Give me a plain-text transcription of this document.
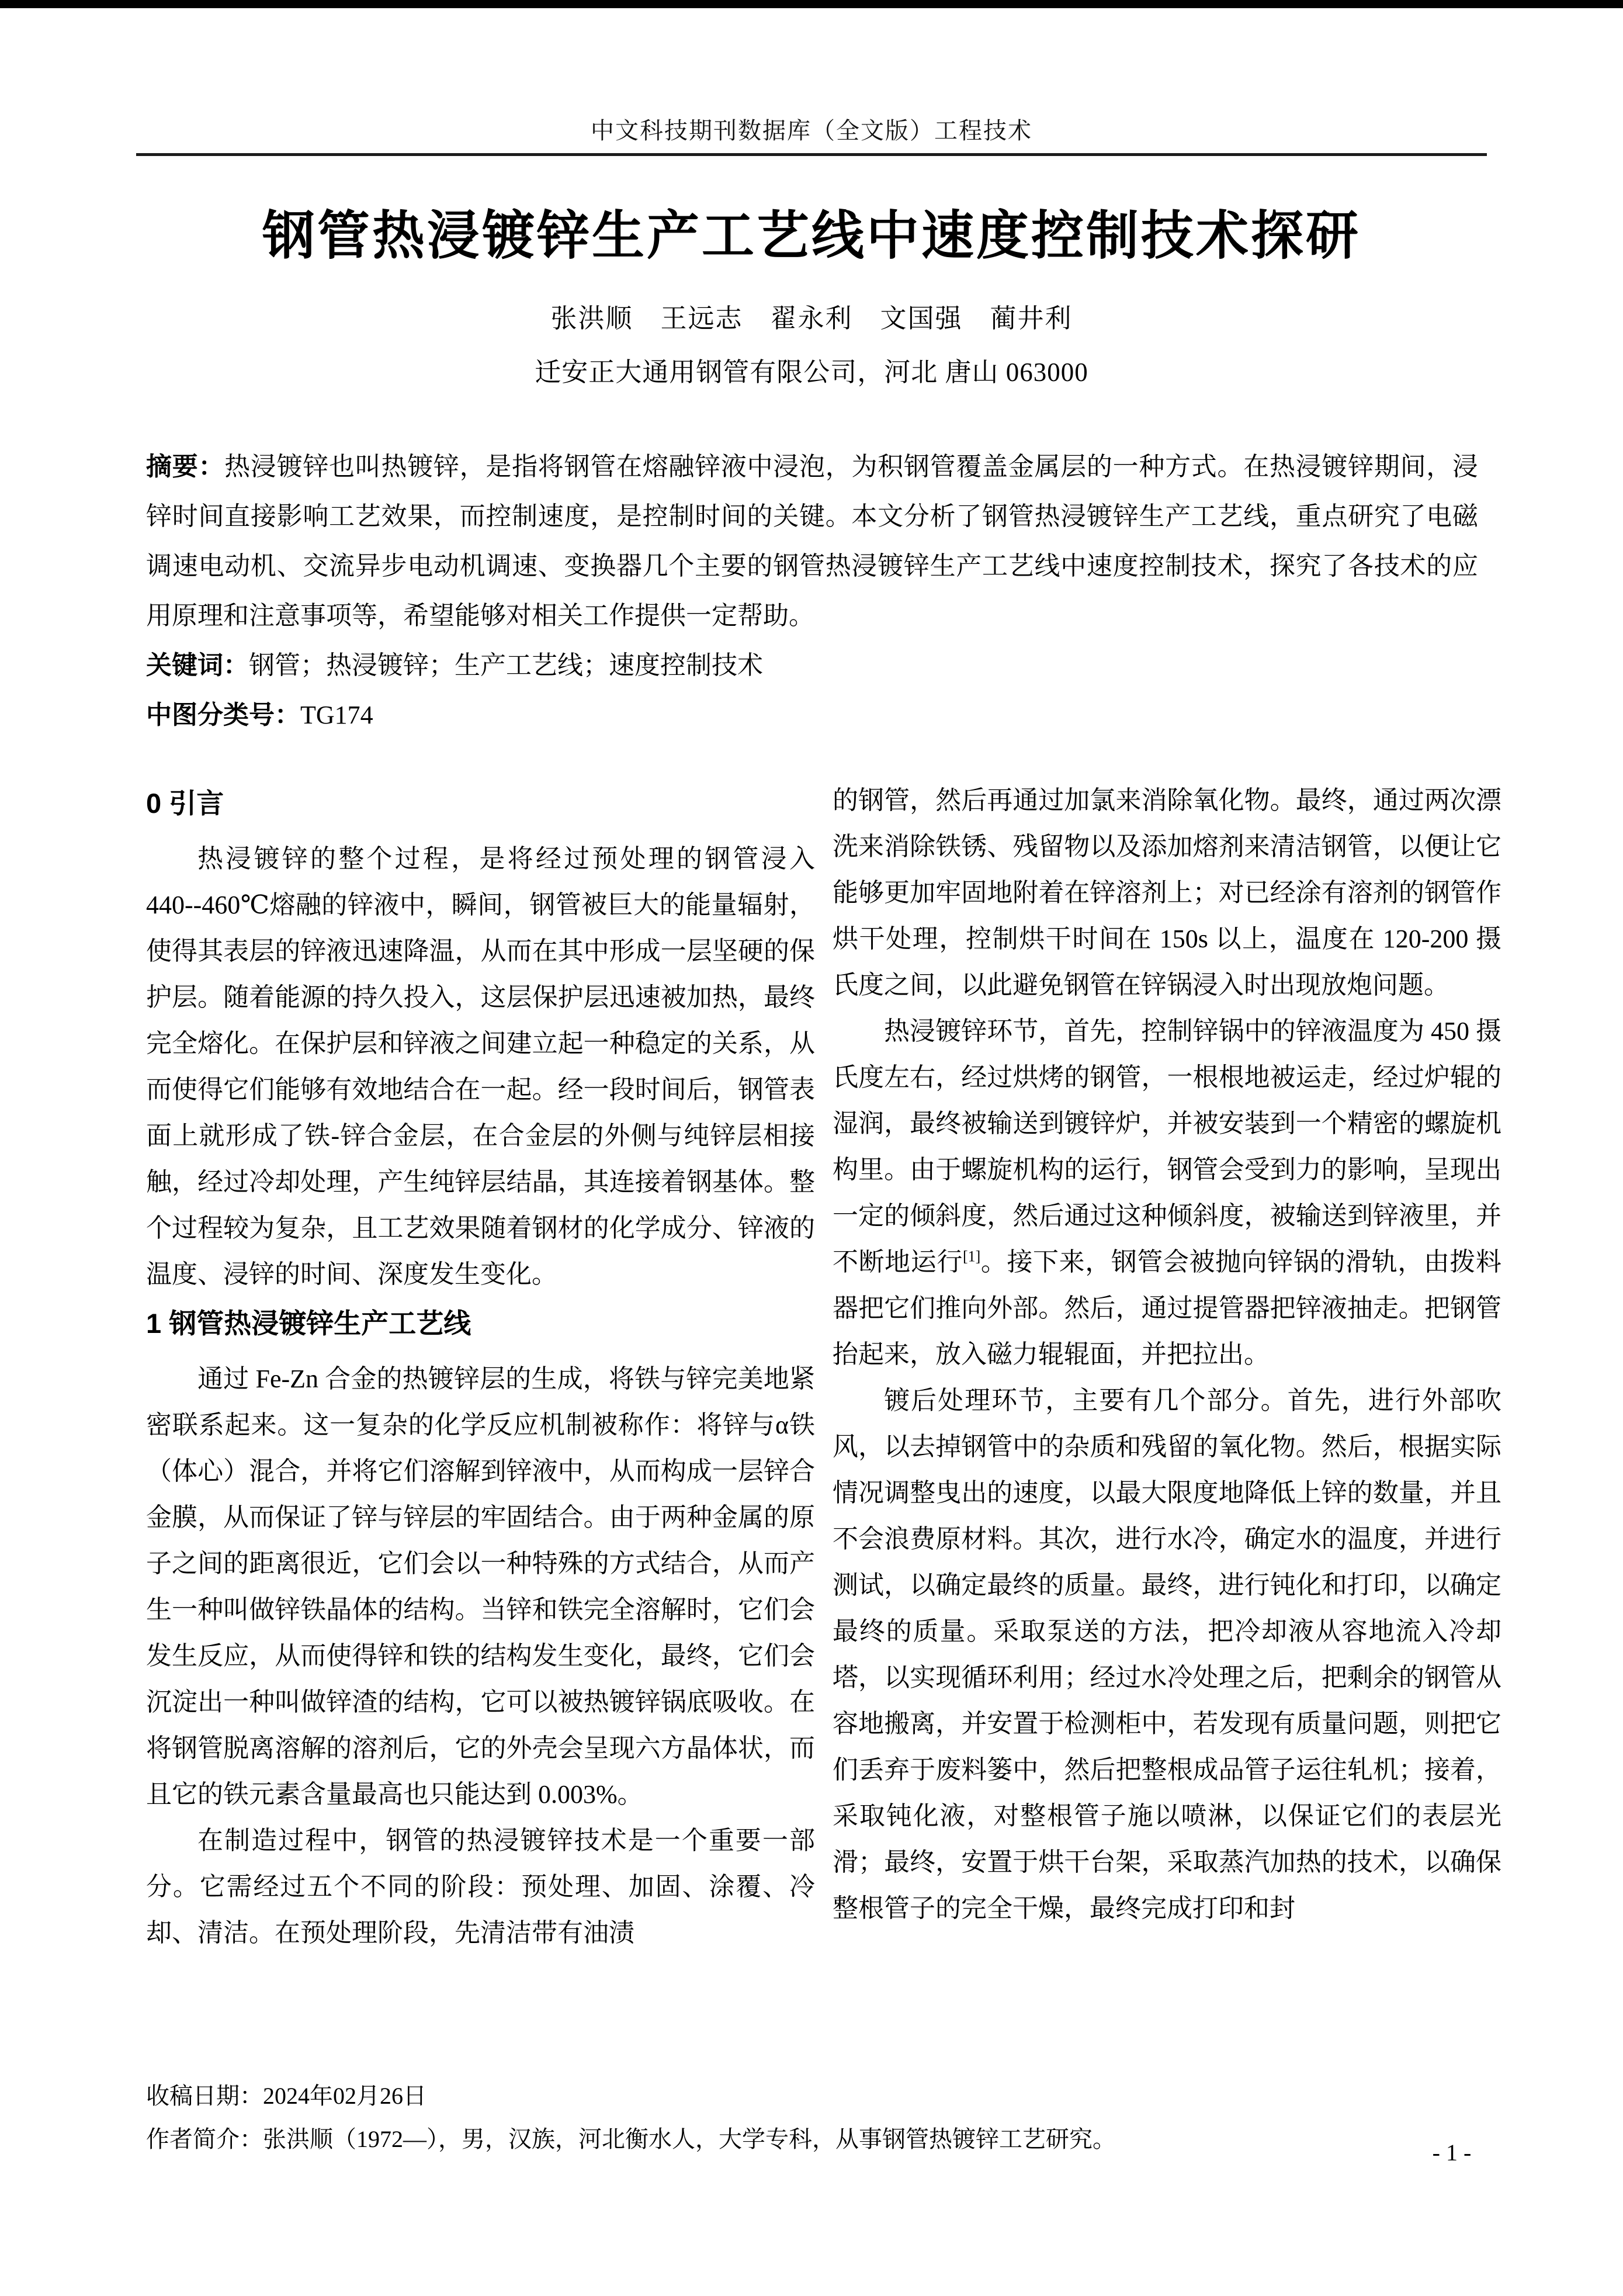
中文科技期刊数据库（全文版）工程技术
钢管热浸镀锌生产工艺线中速度控制技术探研
张洪顺　王远志　翟永利　文国强　蔺井利
迁安正大通用钢管有限公司，河北 唐山 063000

摘要：热浸镀锌也叫热镀锌，是指将钢管在熔融锌液中浸泡，为积钢管覆盖金属层的一种方式。在热浸镀锌期间，浸锌时间直接影响工艺效果，而控制速度，是控制时间的关键。本文分析了钢管热浸镀锌生产工艺线，重点研究了电磁调速电动机、交流异步电动机调速、变换器几个主要的钢管热浸镀锌生产工艺线中速度控制技术，探究了各技术的应用原理和注意事项等，希望能够对相关工作提供一定帮助。

关键词：钢管；热浸镀锌；生产工艺线；速度控制技术

中图分类号：TG174

0 引言

热浸镀锌的整个过程，是将经过预处理的钢管浸入 440--460℃熔融的锌液中，瞬间，钢管被巨大的能量辐射，使得其表层的锌液迅速降温，从而在其中形成一层坚硬的保护层。随着能源的持久投入，这层保护层迅速被加热，最终完全熔化。在保护层和锌液之间建立起一种稳定的关系，从而使得它们能够有效地结合在一起。经一段时间后，钢管表面上就形成了铁-锌合金层，在合金层的外侧与纯锌层相接触，经过冷却处理，产生纯锌层结晶，其连接着钢基体。整个过程较为复杂，且工艺效果随着钢材的化学成分、锌液的温度、浸锌的时间、深度发生变化。

1 钢管热浸镀锌生产工艺线

通过 Fe-Zn 合金的热镀锌层的生成，将铁与锌完美地紧密联系起来。这一复杂的化学反应机制被称作：将锌与α铁（体心）混合，并将它们溶解到锌液中，从而构成一层锌合金膜，从而保证了锌与锌层的牢固结合。由于两种金属的原子之间的距离很近，它们会以一种特殊的方式结合，从而产生一种叫做锌铁晶体的结构。当锌和铁完全溶解时，它们会发生反应，从而使得锌和铁的结构发生变化，最终，它们会沉淀出一种叫做锌渣的结构，它可以被热镀锌锅底吸收。在将钢管脱离溶解的溶剂后，它的外壳会呈现六方晶体状，而且它的铁元素含量最高也只能达到 0.003%。

在制造过程中，钢管的热浸镀锌技术是一个重要一部分。它需经过五个不同的阶段：预处理、加固、涂覆、冷却、清洁。在预处理阶段，先清洁带有油渍

的钢管，然后再通过加氯来消除氧化物。最终，通过两次漂洗来消除铁锈、残留物以及添加熔剂来清洁钢管，以便让它能够更加牢固地附着在锌溶剂上；对已经涂有溶剂的钢管作烘干处理，控制烘干时间在 150s 以上，温度在 120-200 摄氏度之间，以此避免钢管在锌锅浸入时出现放炮问题。

热浸镀锌环节，首先，控制锌锅中的锌液温度为 450 摄氏度左右，经过烘烤的钢管，一根根地被运走，经过炉辊的湿润，最终被输送到镀锌炉，并被安装到一个精密的螺旋机构里。由于螺旋机构的运行，钢管会受到力的影响，呈现出一定的倾斜度，然后通过这种倾斜度，被输送到锌液里，并不断地运行[1]。接下来，钢管会被抛向锌锅的滑轨，由拨料器把它们推向外部。然后，通过提管器把锌液抽走。把钢管抬起来，放入磁力辊辊面，并把拉出。

镀后处理环节，主要有几个部分。首先，进行外部吹风，以去掉钢管中的杂质和残留的氧化物。然后，根据实际情况调整曳出的速度，以最大限度地降低上锌的数量，并且不会浪费原材料。其次，进行水冷，确定水的温度，并进行测试，以确定最终的质量。最终，进行钝化和打印，以确定最终的质量。采取泵送的方法，把冷却液从容地流入冷却塔，以实现循环利用；经过水冷处理之后，把剩余的钢管从容地搬离，并安置于检测柜中，若发现有质量问题，则把它们丢弃于废料篓中，然后把整根成品管子运往轧机；接着，采取钝化液，对整根管子施以喷淋，以保证它们的表层光滑；最终，安置于烘干台架，采取蒸汽加热的技术，以确保整根管子的完全干燥，最终完成打印和封

收稿日期：2024年02月26日

作者简介：张洪顺（1972—），男，汉族，河北衡水人，大学专科，从事钢管热镀锌工艺研究。

- 1 -
